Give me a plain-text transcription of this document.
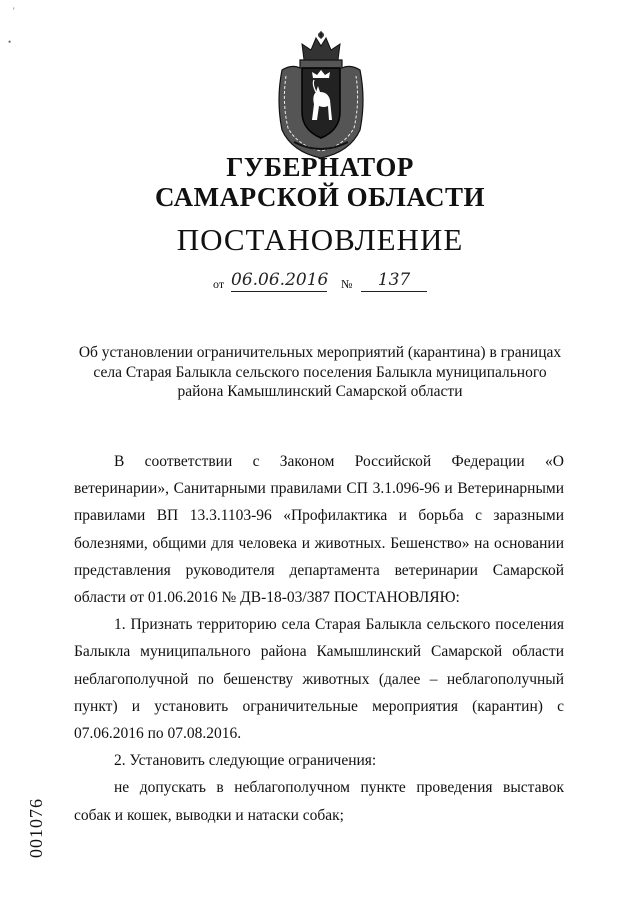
'
•
ГУБЕРНАТОР
САМАРСКОЙ ОБЛАСТИ
ПОСТАНОВЛЕНИЕ
от 06.06.2016 №	137
Об установлении ограничительных мероприятий (карантина) в границах села Старая Балыкла сельского поселения Балыкла муниципального района Камышлинский Самарской области

В соответствии с Законом Российской Федерации «О ветеринарии», Санитарными правилами СП 3.1.096-96 и Ветеринарными правилами ВП 13.3.1103-96 «Профилактика и борьба с заразными болезнями, общими для человека и животных. Бешенство» на основании представления руководителя департамента ветеринарии Самарской области от 01.06.2016 № ДВ-18-03/387 ПОСТАНОВЛЯЮ:

1. Признать территорию села Старая Балыкла сельского поселения Балыкла муниципального района Камышлинский Самарской области неблагополучной по бешенству животных (далее – неблагополучный пункт) и установить ограничительные мероприятия (карантин) с 07.06.2016 по 07.08.2016.

2. Установить следующие ограничения:

не допускать в неблагополучном пункте проведения выставок собак и кошек, выводки и натаски собак;

001076
